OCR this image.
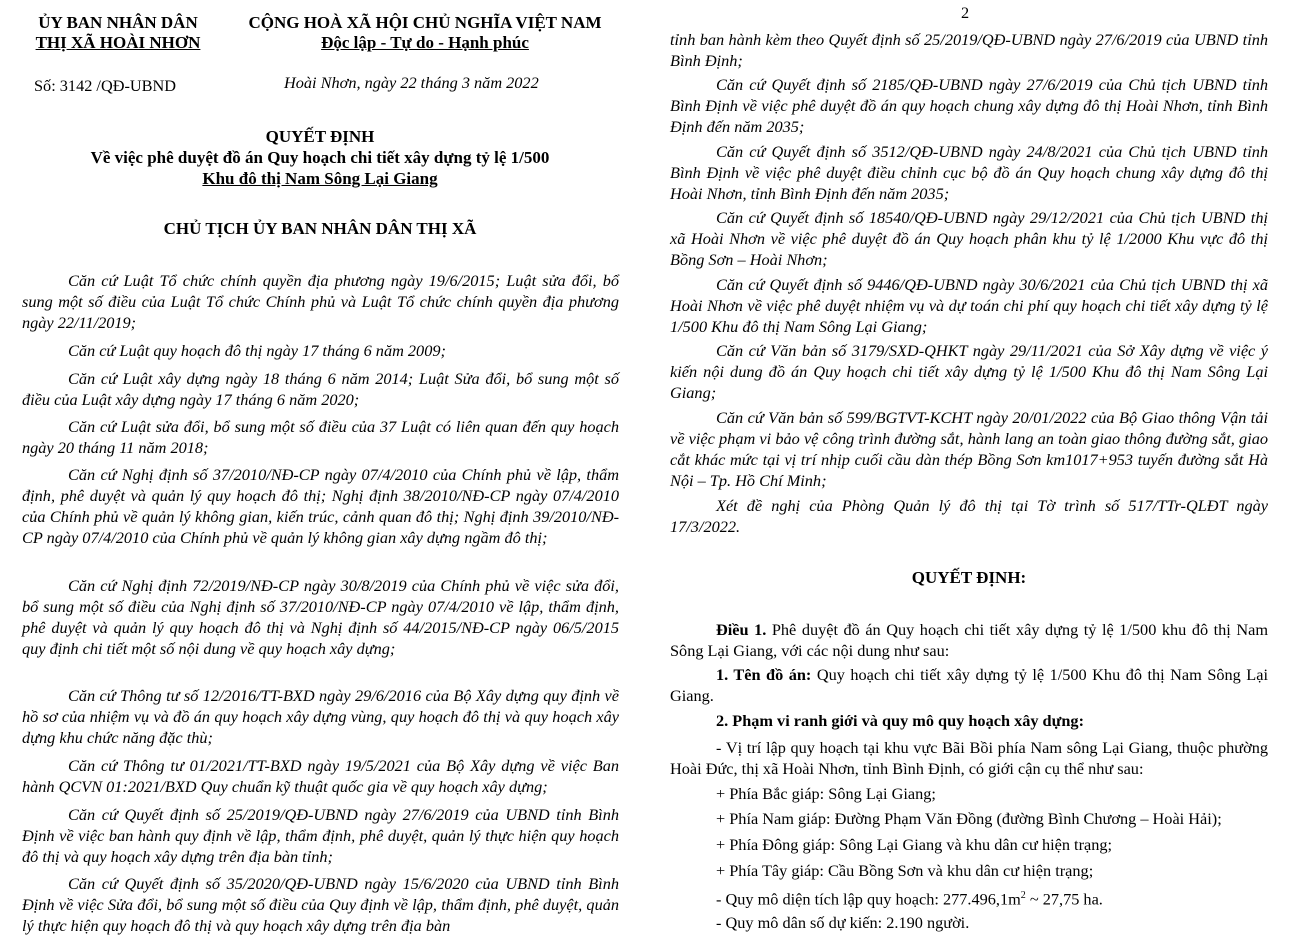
ỦY BAN NHÂN DÂN
THỊ XÃ HOÀI NHƠN
CỘNG HOÀ XÃ HỘI CHỦ NGHĨA VIỆT NAM
Độc lập - Tự do - Hạnh phúc
Số: 3142 /QĐ-UBND	Hoài Nhơn, ngày 22 tháng 3 năm 2022
QUYẾT ĐỊNH
Về việc phê duyệt đồ án Quy hoạch chi tiết xây dựng tỷ lệ 1/500
Khu đô thị Nam Sông Lại Giang
CHỦ TỊCH ỦY BAN NHÂN DÂN THỊ XÃ

Căn cứ Luật Tổ chức chính quyền địa phương ngày 19/6/2015; Luật sửa đổi, bổ sung một số điều của Luật Tổ chức Chính phủ và Luật Tổ chức chính quyền địa phương ngày 22/11/2019;

Căn cứ Luật quy hoạch đô thị ngày 17 tháng 6 năm 2009;

Căn cứ Luật xây dựng ngày 18 tháng 6 năm 2014; Luật Sửa đổi, bổ sung một số điều của Luật xây dựng ngày 17 tháng 6 năm 2020;

Căn cứ Luật sửa đổi, bổ sung một số điều của 37 Luật có liên quan đến quy hoạch ngày 20 tháng 11 năm 2018;

Căn cứ Nghị định số 37/2010/NĐ-CP ngày 07/4/2010 của Chính phủ về lập, thẩm định, phê duyệt và quản lý quy hoạch đô thị; Nghị định 38/2010/NĐ-CP ngày 07/4/2010 của Chính phủ về quản lý không gian, kiến trúc, cảnh quan đô thị; Nghị định 39/2010/NĐ-CP ngày 07/4/2010 của Chính phủ về quản lý không gian xây dựng ngầm đô thị;

Căn cứ Nghị định 72/2019/NĐ-CP ngày 30/8/2019 của Chính phủ về việc sửa đổi, bổ sung một số điều của Nghị định số 37/2010/NĐ-CP ngày 07/4/2010 về lập, thẩm định, phê duyệt và quản lý quy hoạch đô thị và Nghị định số 44/2015/NĐ-CP ngày 06/5/2015 quy định chi tiết một số nội dung về quy hoạch xây dựng;

Căn cứ Thông tư số 12/2016/TT-BXD ngày 29/6/2016 của Bộ Xây dựng quy định về hồ sơ của nhiệm vụ và đồ án quy hoạch xây dựng vùng, quy hoạch đô thị và quy hoạch xây dựng khu chức năng đặc thù;

Căn cứ Thông tư 01/2021/TT-BXD ngày 19/5/2021 của Bộ Xây dựng về việc Ban hành QCVN 01:2021/BXD Quy chuẩn kỹ thuật quốc gia về quy hoạch xây dựng;

Căn cứ Quyết định số 25/2019/QĐ-UBND ngày 27/6/2019 của UBND tỉnh Bình Định về việc ban hành quy định về lập, thẩm định, phê duyệt, quản lý thực hiện quy hoạch đô thị và quy hoạch xây dựng trên địa bàn tỉnh;

Căn cứ Quyết định số 35/2020/QĐ-UBND ngày 15/6/2020 của UBND tỉnh Bình Định về việc Sửa đổi, bổ sung một số điều của Quy định về lập, thẩm định, phê duyệt, quản lý thực hiện quy hoạch đô thị và quy hoạch xây dựng trên địa bàn

2

tỉnh ban hành kèm theo Quyết định số 25/2019/QĐ-UBND ngày 27/6/2019 của UBND tỉnh Bình Định;

Căn cứ Quyết định số 2185/QĐ-UBND ngày 27/6/2019 của Chủ tịch UBND tỉnh Bình Định về việc phê duyệt đồ án quy hoạch chung xây dựng đô thị Hoài Nhơn, tỉnh Bình Định đến năm 2035;

Căn cứ Quyết định số 3512/QĐ-UBND ngày 24/8/2021 của Chủ tịch UBND tỉnh Bình Định về việc phê duyệt điều chỉnh cục bộ đồ án Quy hoạch chung xây dựng đô thị Hoài Nhơn, tỉnh Bình Định đến năm 2035;

Căn cứ Quyết định số 18540/QĐ-UBND ngày 29/12/2021 của Chủ tịch UBND thị xã Hoài Nhơn về việc phê duyệt đồ án Quy hoạch phân khu tỷ lệ 1/2000 Khu vực đô thị Bồng Sơn – Hoài Nhơn;

Căn cứ Quyết định số 9446/QĐ-UBND ngày 30/6/2021 của Chủ tịch UBND thị xã Hoài Nhơn về việc phê duyệt nhiệm vụ và dự toán chi phí quy hoạch chi tiết xây dựng tỷ lệ 1/500 Khu đô thị Nam Sông Lại Giang;

Căn cứ Văn bản số 3179/SXD-QHKT ngày 29/11/2021 của Sở Xây dựng về việc ý kiến nội dung đồ án Quy hoạch chi tiết xây dựng tỷ lệ 1/500 Khu đô thị Nam Sông Lại Giang;

Căn cứ Văn bản số 599/BGTVT-KCHT ngày 20/01/2022 của Bộ Giao thông Vận tải về việc phạm vi bảo vệ công trình đường sắt, hành lang an toàn giao thông đường sắt, giao cắt khác mức tại vị trí nhịp cuối cầu dàn thép Bồng Sơn km1017+953 tuyến đường sắt Hà Nội – Tp. Hồ Chí Minh;

Xét đề nghị của Phòng Quản lý đô thị tại Tờ trình số 517/TTr-QLĐT ngày 17/3/2022.

QUYẾT ĐỊNH:

Điều 1. Phê duyệt đồ án Quy hoạch chi tiết xây dựng tỷ lệ 1/500 khu đô thị Nam Sông Lại Giang, với các nội dung như sau:

1. Tên đồ án: Quy hoạch chi tiết xây dựng tỷ lệ 1/500 Khu đô thị Nam Sông Lại Giang.

2. Phạm vi ranh giới và quy mô quy hoạch xây dựng:

- Vị trí lập quy hoạch tại khu vực Bãi Bồi phía Nam sông Lại Giang, thuộc phường Hoài Đức, thị xã Hoài Nhơn, tỉnh Bình Định, có giới cận cụ thể như sau:

+ Phía Bắc giáp: Sông Lại Giang;
+ Phía Nam giáp: Đường Phạm Văn Đồng (đường Bình Chương – Hoài Hải);
+ Phía Đông giáp: Sông Lại Giang và khu dân cư hiện trạng;
+ Phía Tây giáp: Cầu Bồng Sơn và khu dân cư hiện trạng;
- Quy mô diện tích lập quy hoạch: $277.496,1m^2$ ~ 27,75 ha.
- Quy mô dân số dự kiến: 2.190 người.
